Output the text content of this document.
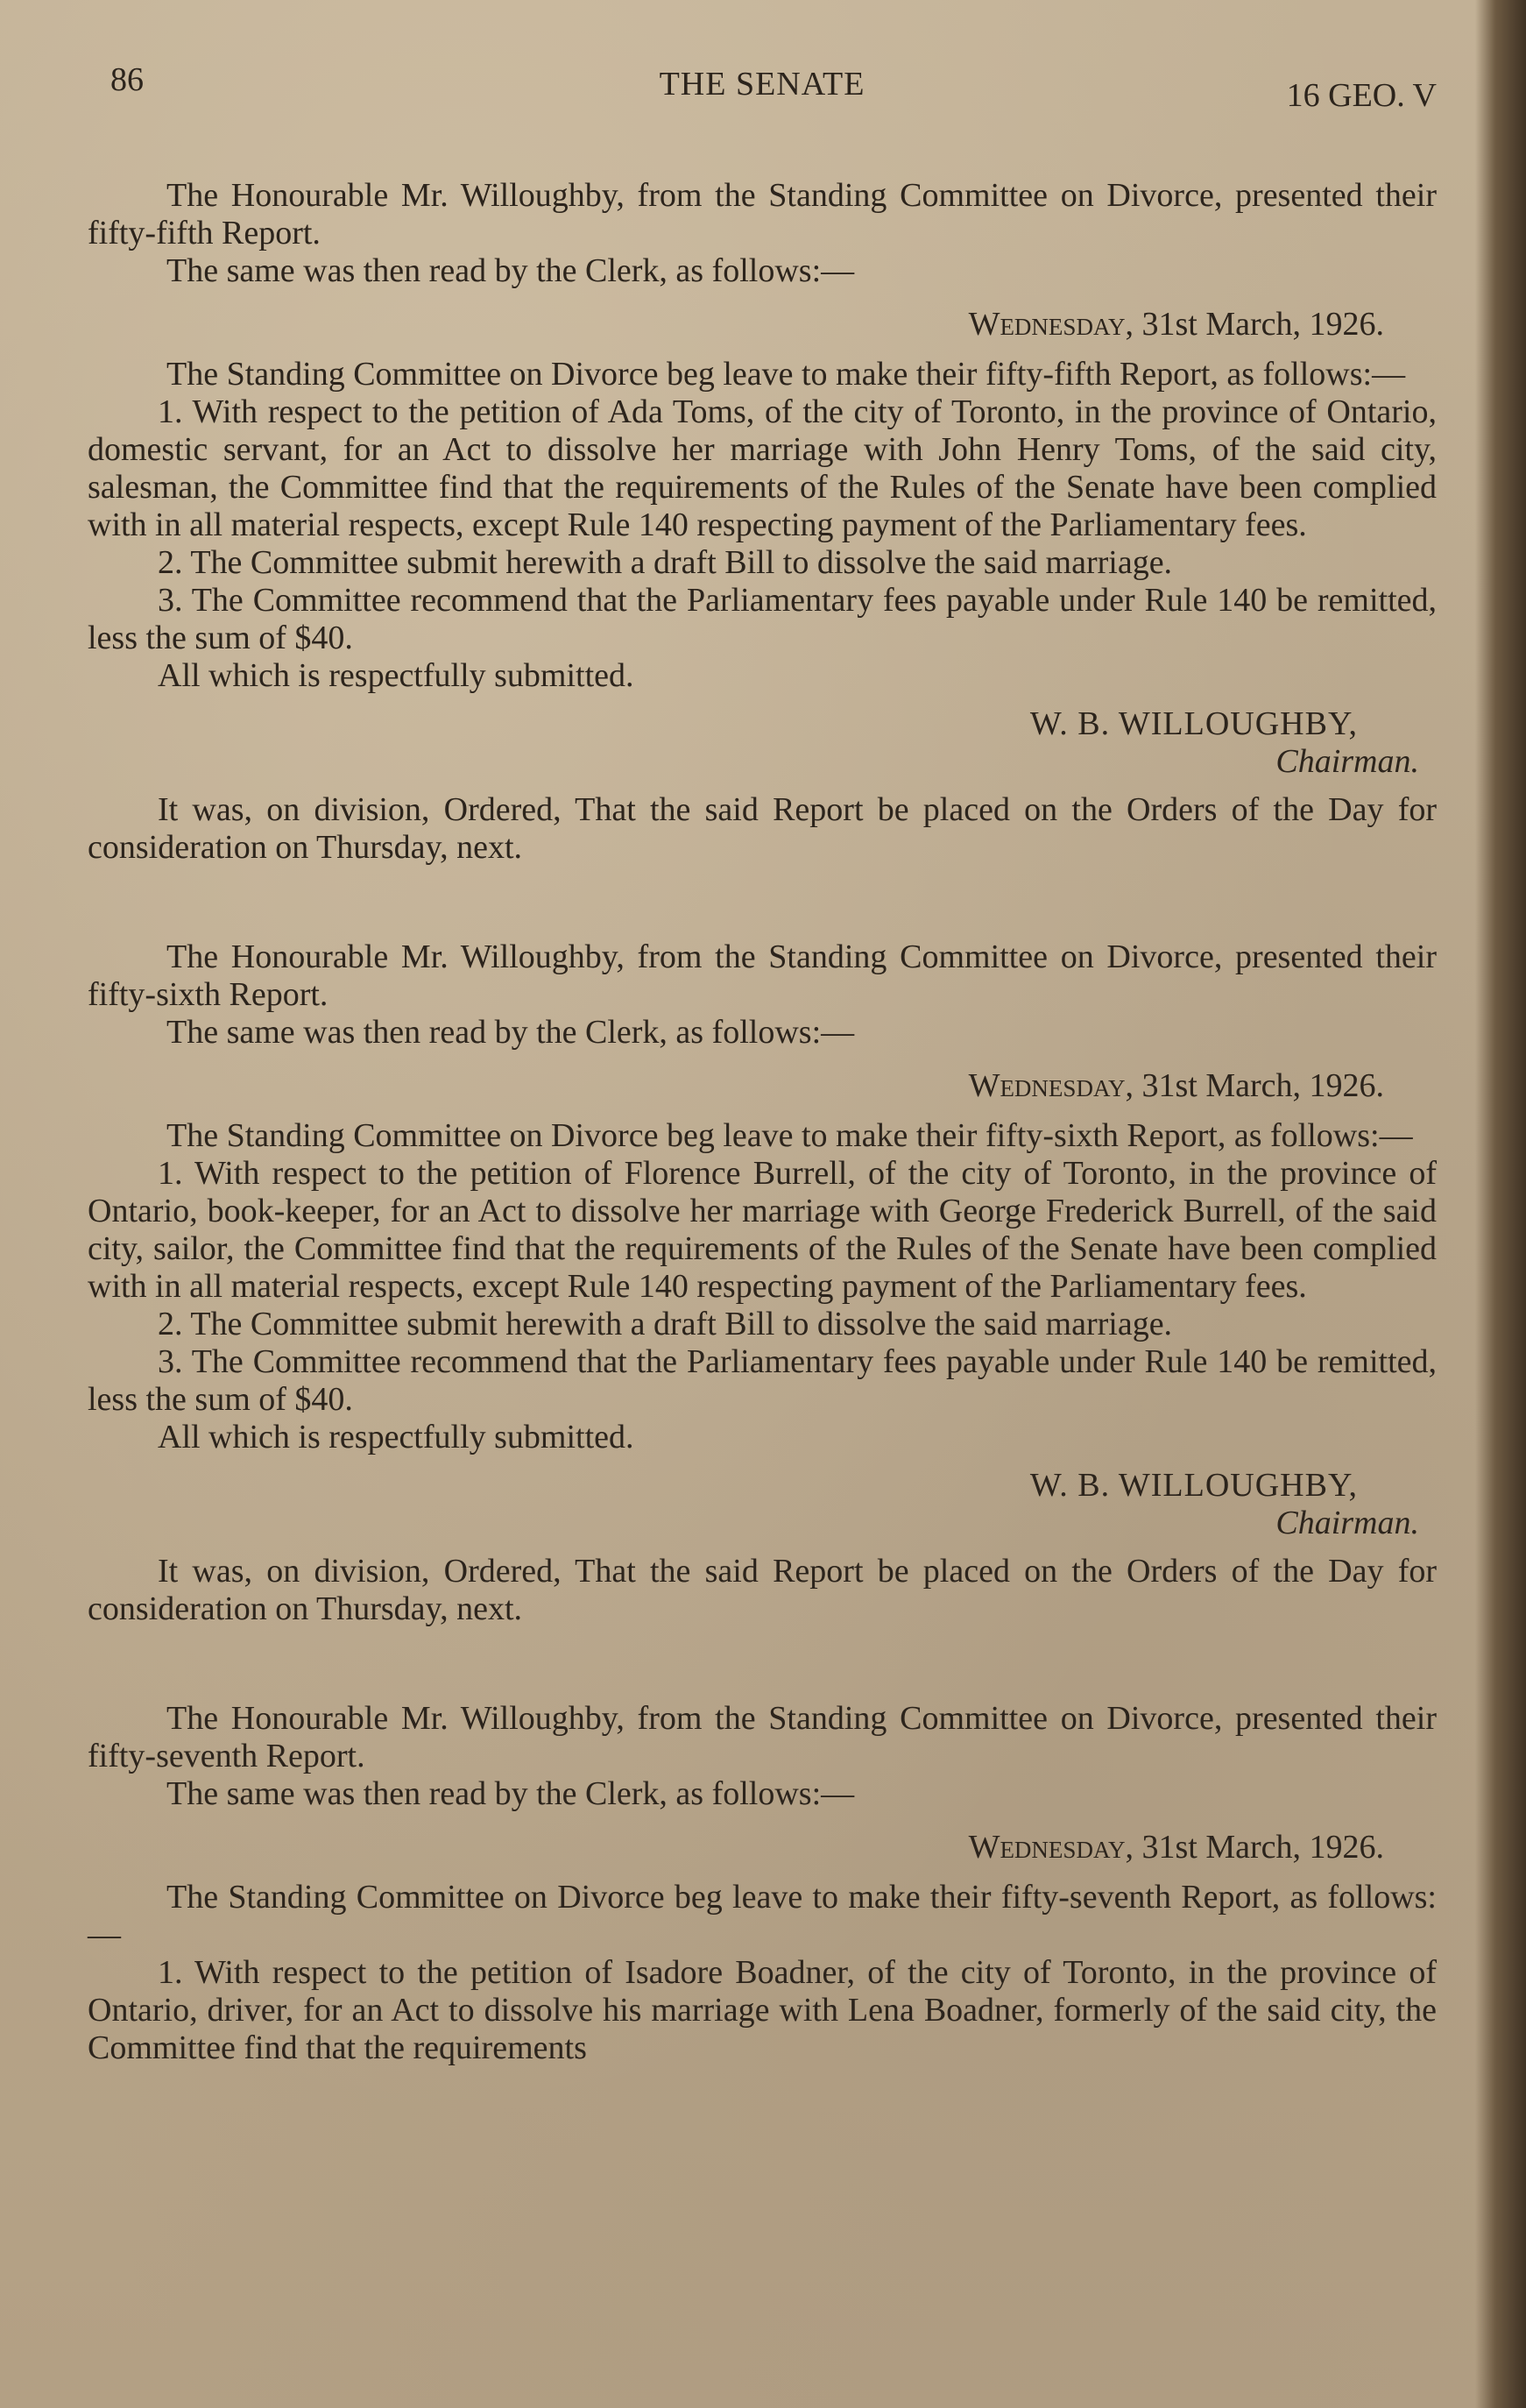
86	THE SENATE	16 GEO. V

The Honourable Mr. Willoughby, from the Standing Committee on Divorce, presented their fifty-fifth Report.

The same was then read by the Clerk, as follows:—

Wednesday, 31st March, 1926.

The Standing Committee on Divorce beg leave to make their fifty-fifth Report, as follows:—

1. With respect to the petition of Ada Toms, of the city of Toronto, in the province of Ontario, domestic servant, for an Act to dissolve her marriage with John Henry Toms, of the said city, salesman, the Committee find that the requirements of the Rules of the Senate have been complied with in all material respects, except Rule 140 respecting payment of the Parliamentary fees.

2. The Committee submit herewith a draft Bill to dissolve the said marriage.

3. The Committee recommend that the Parliamentary fees payable under Rule 140 be remitted, less the sum of $40.

All which is respectfully submitted.

W. B. WILLOUGHBY,

Chairman.

It was, on division, Ordered, That the said Report be placed on the Orders of the Day for consideration on Thursday, next.

The Honourable Mr. Willoughby, from the Standing Committee on Divorce, presented their fifty-sixth Report.

The same was then read by the Clerk, as follows:—

Wednesday, 31st March, 1926.

The Standing Committee on Divorce beg leave to make their fifty-sixth Report, as follows:—

1. With respect to the petition of Florence Burrell, of the city of Toronto, in the province of Ontario, book-keeper, for an Act to dissolve her marriage with George Frederick Burrell, of the said city, sailor, the Committee find that the requirements of the Rules of the Senate have been complied with in all material respects, except Rule 140 respecting payment of the Parliamentary fees.

2. The Committee submit herewith a draft Bill to dissolve the said marriage.

3. The Committee recommend that the Parliamentary fees payable under Rule 140 be remitted, less the sum of $40.

All which is respectfully submitted.

W. B. WILLOUGHBY,

Chairman.

It was, on division, Ordered, That the said Report be placed on the Orders of the Day for consideration on Thursday, next.

The Honourable Mr. Willoughby, from the Standing Committee on Divorce, presented their fifty-seventh Report.

The same was then read by the Clerk, as follows:—

Wednesday, 31st March, 1926.

The Standing Committee on Divorce beg leave to make their fifty-seventh Report, as follows:—

1. With respect to the petition of Isadore Boadner, of the city of Toronto, in the province of Ontario, driver, for an Act to dissolve his marriage with Lena Boadner, formerly of the said city, the Committee find that the requirements
